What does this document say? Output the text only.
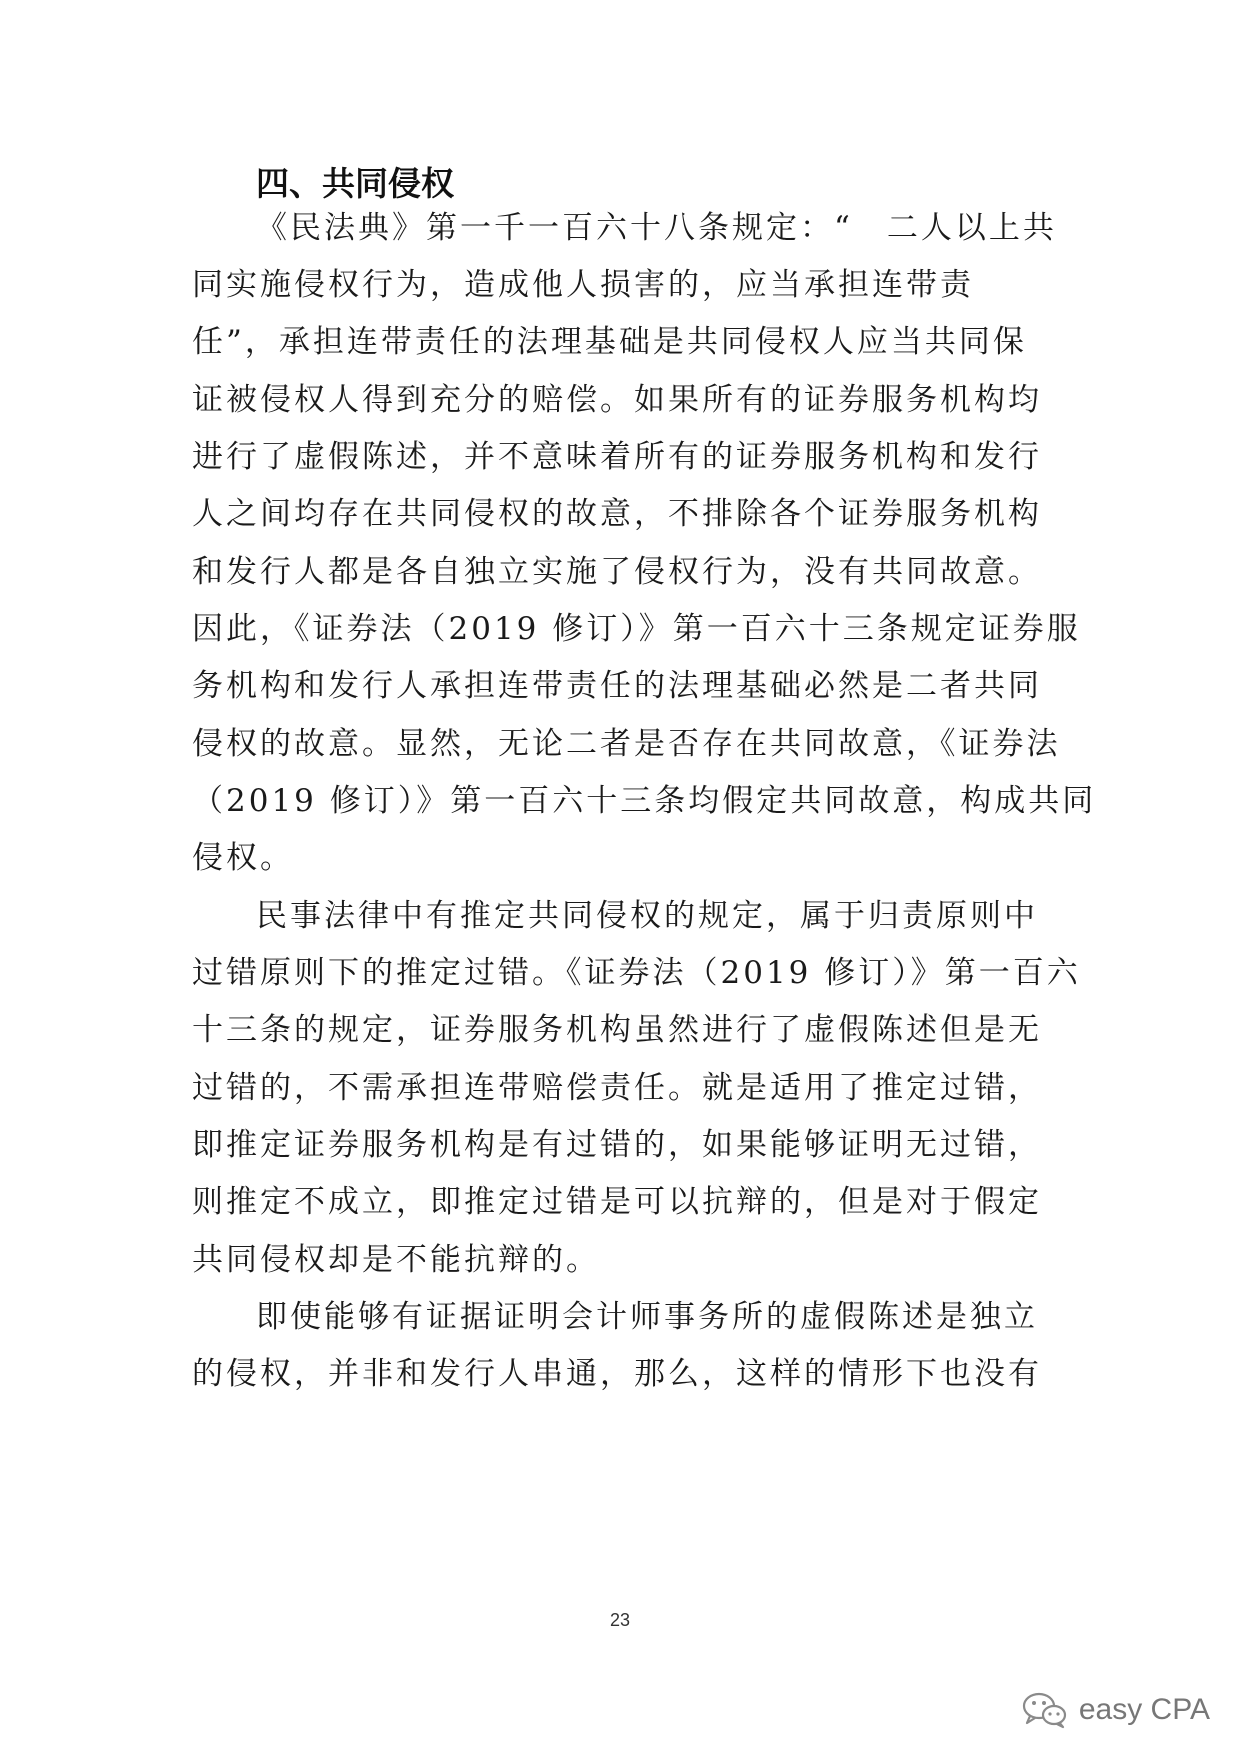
四、共同侵权
《民法典》第一千一百六十八条规定：“　二人以上共
同实施侵权行为，造成他人损害的，应当承担连带责
任”，承担连带责任的法理基础是共同侵权人应当共同保
证被侵权人得到充分的赔偿。如果所有的证券服务机构均
进行了虚假陈述，并不意味着所有的证券服务机构和发行
人之间均存在共同侵权的故意，不排除各个证券服务机构
和发行人都是各自独立实施了侵权行为，没有共同故意。
因此，《证券法（2019 修订）》第一百六十三条规定证券服
务机构和发行人承担连带责任的法理基础必然是二者共同
侵权的故意。显然，无论二者是否存在共同故意，《证券法
（2019 修订）》第一百六十三条均假定共同故意，构成共同
侵权。
民事法律中有推定共同侵权的规定，属于归责原则中
过错原则下的推定过错。《证券法（2019 修订）》第一百六
十三条的规定，证券服务机构虽然进行了虚假陈述但是无
过错的，不需承担连带赔偿责任。就是适用了推定过错，
即推定证券服务机构是有过错的，如果能够证明无过错，
则推定不成立，即推定过错是可以抗辩的，但是对于假定
共同侵权却是不能抗辩的。
即使能够有证据证明会计师事务所的虚假陈述是独立
的侵权，并非和发行人串通，那么，这样的情形下也没有
23
easy CPA
